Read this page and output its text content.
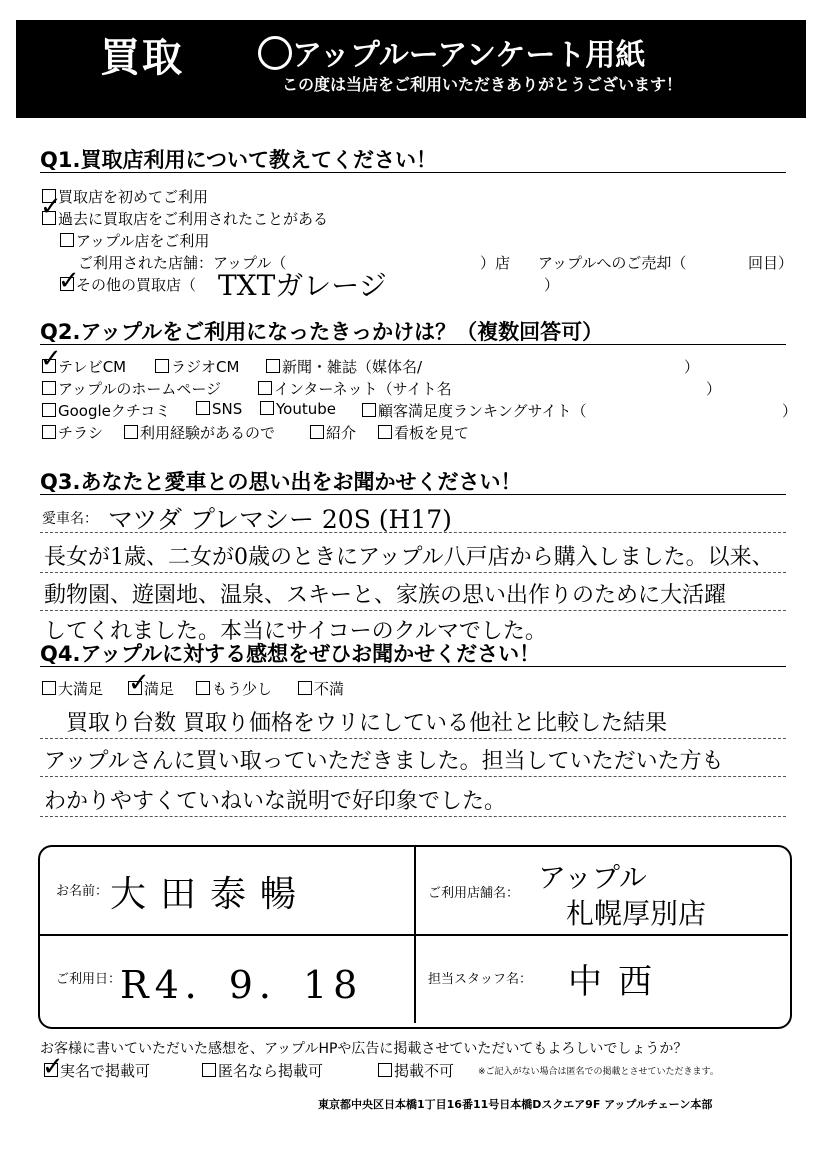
買取	アップルーアンケート用紙
この度は当店をご利用いただきありがとうございます！
Q1.買取店利用について教えてください！
買取店を初めてご利用
過去に買取店をご利用されたことがある
✓
アップル店をご利用
ご利用された店舗：アップル（	）店 アップルへのご売却（	回目）
その他の買取店（
✓	）
TXTガレージ
Q2.アップルをご利用になったきっかけは？（複数回答可）
✓
テレビCM	ラジオCM	新聞・雑誌（媒体名/	）
アップルのホームページ	インターネット（サイト名	）
Googleクチコミ	SNS	Youtube	顧客満足度ランキングサイト（	）
チラシ	利用経験があるので	紹介	看板を見て
Q3.あなたと愛車との思い出をお聞かせください！
愛車名： マツダ プレマシー 20S (H17)
長女が1歳、二女が0歳のときにアップル八戸店から購入しました。以来、
動物園、遊園地、温泉、スキーと、家族の思い出作りのために大活躍
してくれました。本当にサイコーのクルマでした。
Q4.アップルに対する感想をぜひお聞かせください！
大満足	満足
✓	もう少し	不満
買取り台数 買取り価格をウリにしている他社と比較した結果
アップルさんに買い取っていただきました。担当していただいた方も
わかりやすくていねいな説明で好印象でした。
お名前： 大田泰暢	ご利用店舗名： アップル
札幌厚別店
ご利用日：
R4．9．18	担当スタッフ名： 中西
お客様に書いていただいた感想を、アップルHPや広告に掲載させていただいてもよろしいでしょうか？
実名で掲載可
✓	匿名なら掲載可	掲載不可	※ご記入がない場合は匿名での掲載とさせていただきます。
東京都中央区日本橋1丁目16番11号日本橋Dスクエア9F アップルチェーン本部
